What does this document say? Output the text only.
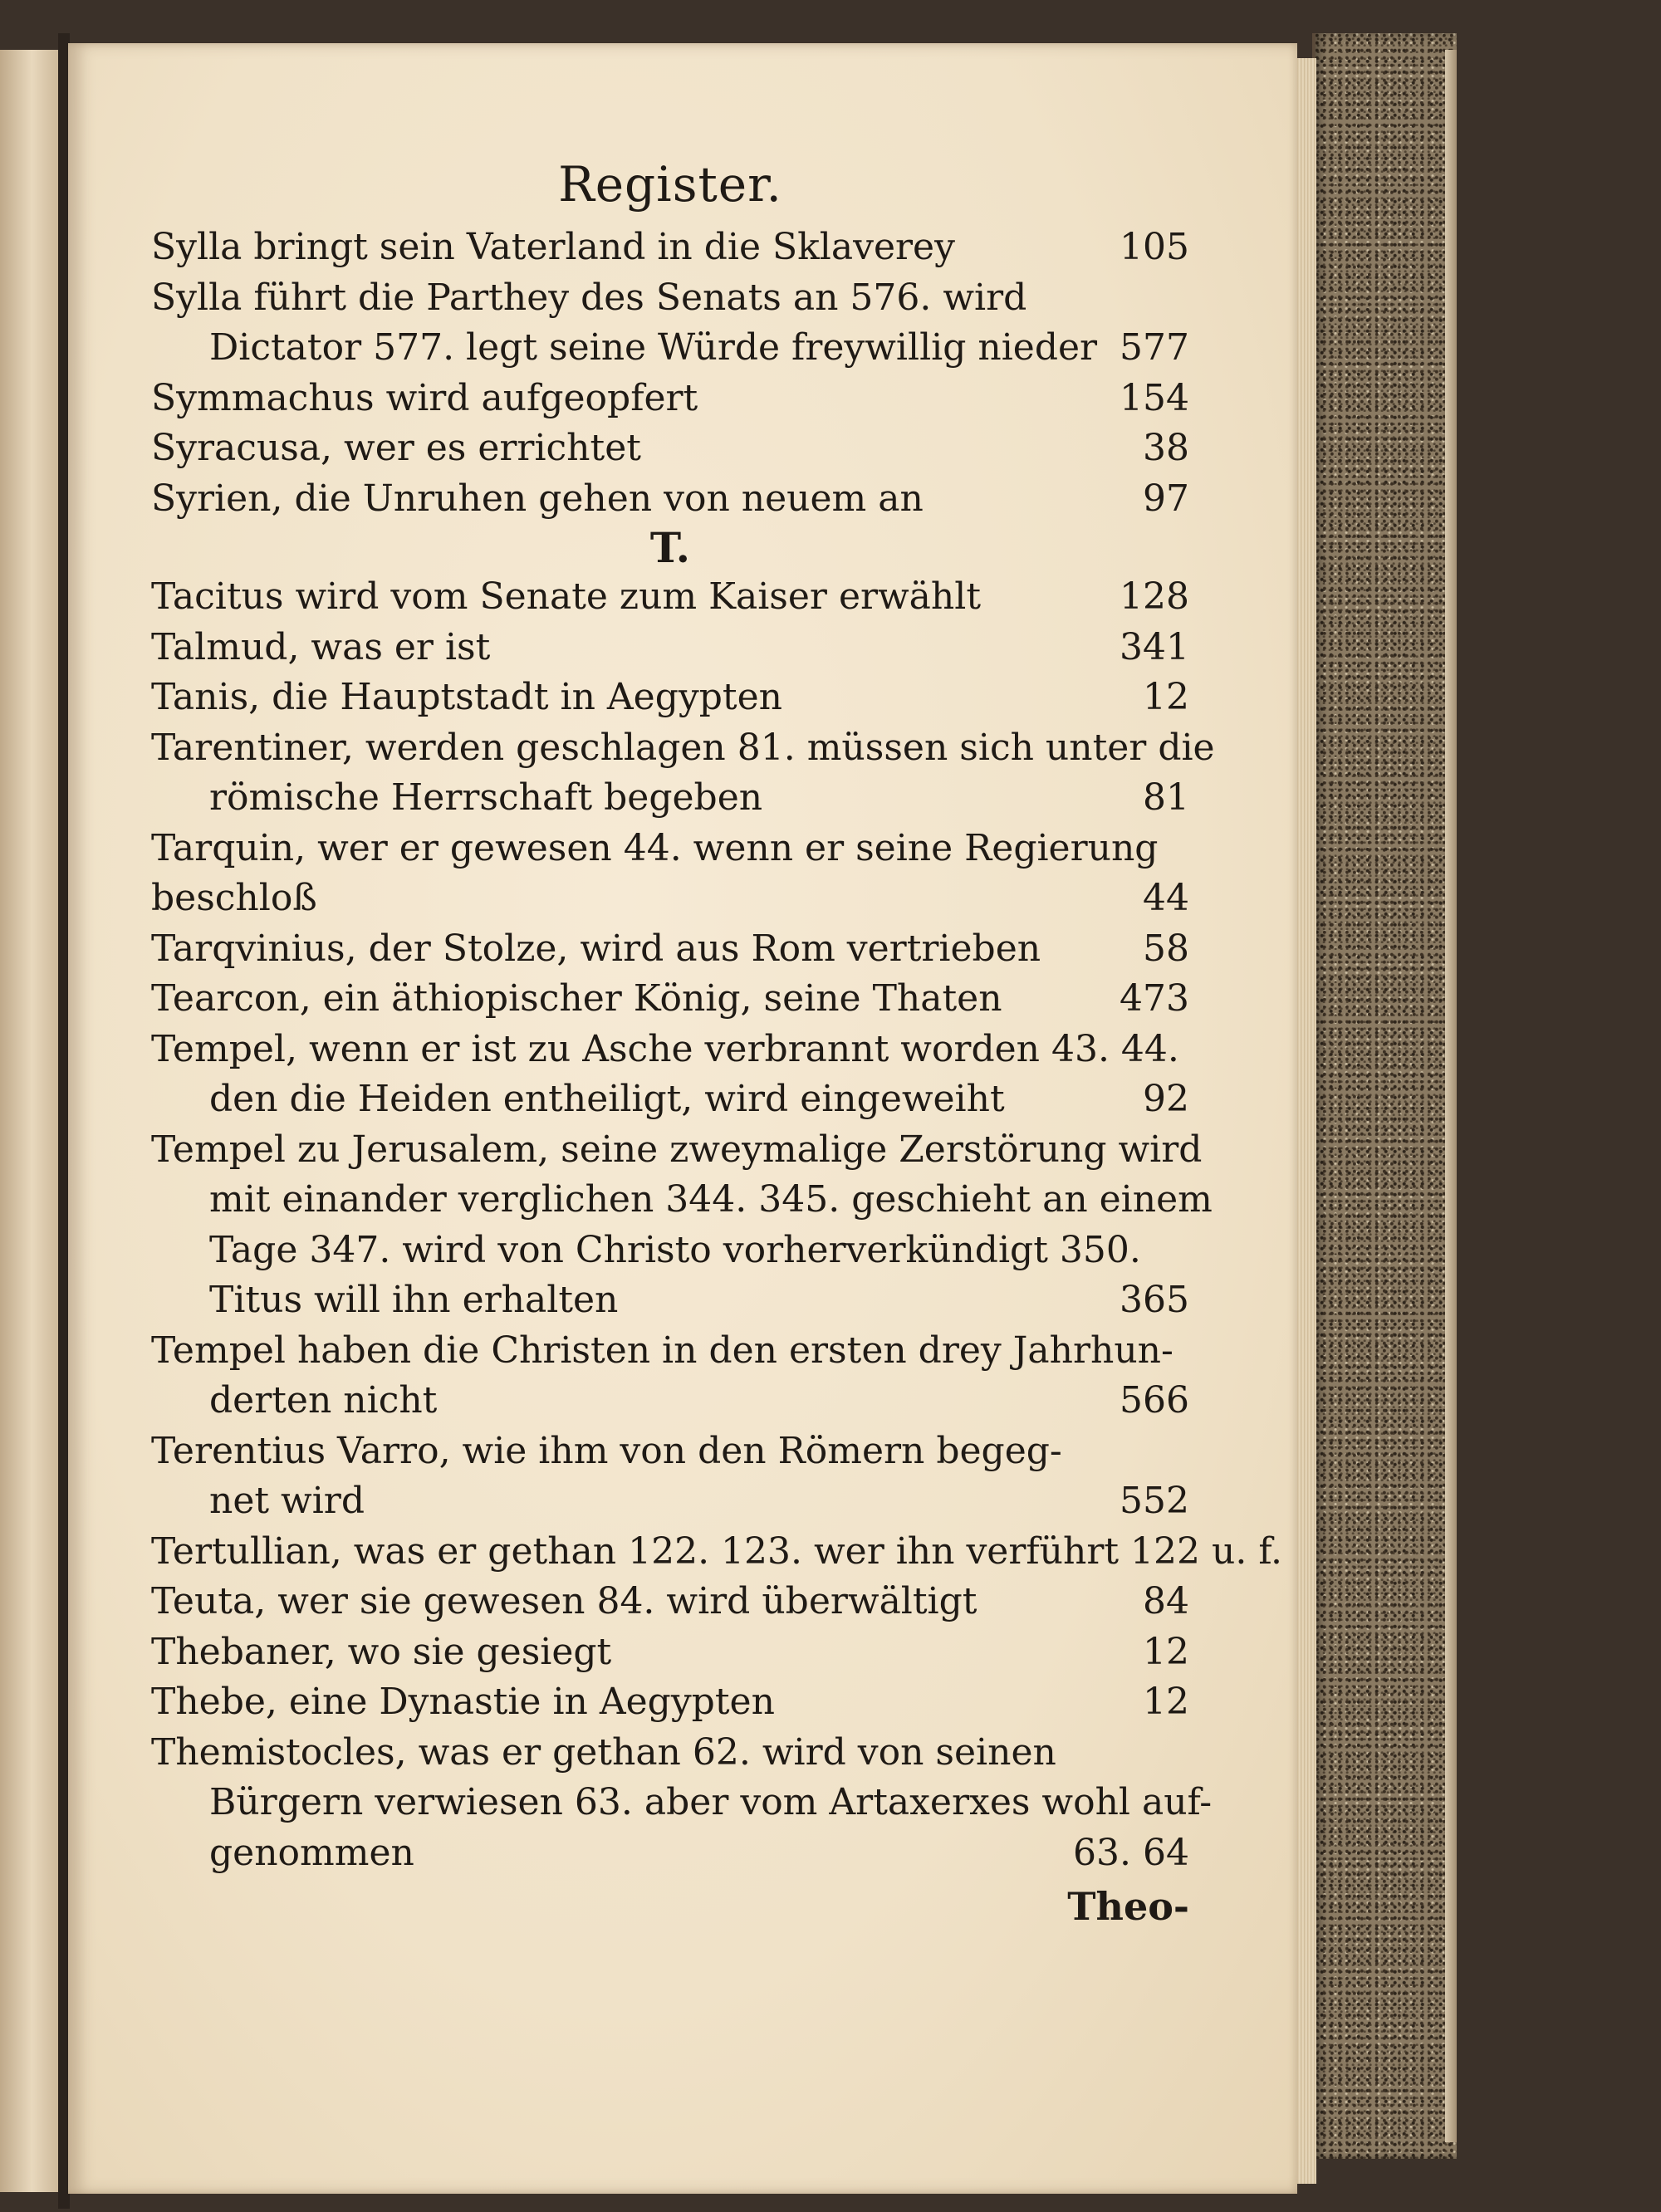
Register.
Sylla bringt sein Vaterland in die Sklaverey	105
Sylla führt die Parthey des Senats an 576. wird
Dictator 577. legt seine Würde freywillig nieder 577
Symmachus wird aufgeopfert	154
Syracusa, wer es errichtet	38
Syrien, die Unruhen gehen von neuem an	97
T.
Tacitus wird vom Senate zum Kaiser erwählt	128
Talmud, was er ist	341
Tanis, die Hauptstadt in Aegypten	12
Tarentiner, werden geschlagen 81. müssen sich unter die
römische Herrschaft begeben	81
Tarquin, wer er gewesen 44. wenn er seine Regierung
beschloß	44
Tarqvinius, der Stolze, wird aus Rom vertrieben	58
Tearcon, ein äthiopischer König, seine Thaten	473
Tempel, wenn er ist zu Asche verbrannt worden 43. 44.
den die Heiden entheiligt, wird eingeweiht	92
Tempel zu Jerusalem, seine zweymalige Zerstörung wird
mit einander verglichen 344. 345. geschieht an einem
Tage 347. wird von Christo vorherverkündigt 350.
Titus will ihn erhalten	365
Tempel haben die Christen in den ersten drey Jahrhun-
derten nicht	566
Terentius Varro, wie ihm von den Römern begeg-
net wird	552
Tertullian, was er gethan 122. 123. wer ihn verführt 122 u. f.
Teuta, wer sie gewesen 84. wird überwältigt	84
Thebaner, wo sie gesiegt	12
Thebe, eine Dynastie in Aegypten	12
Themistocles, was er gethan 62. wird von seinen
Bürgern verwiesen 63. aber vom Artaxerxes wohl auf-
genommen	63. 64
Theo-
